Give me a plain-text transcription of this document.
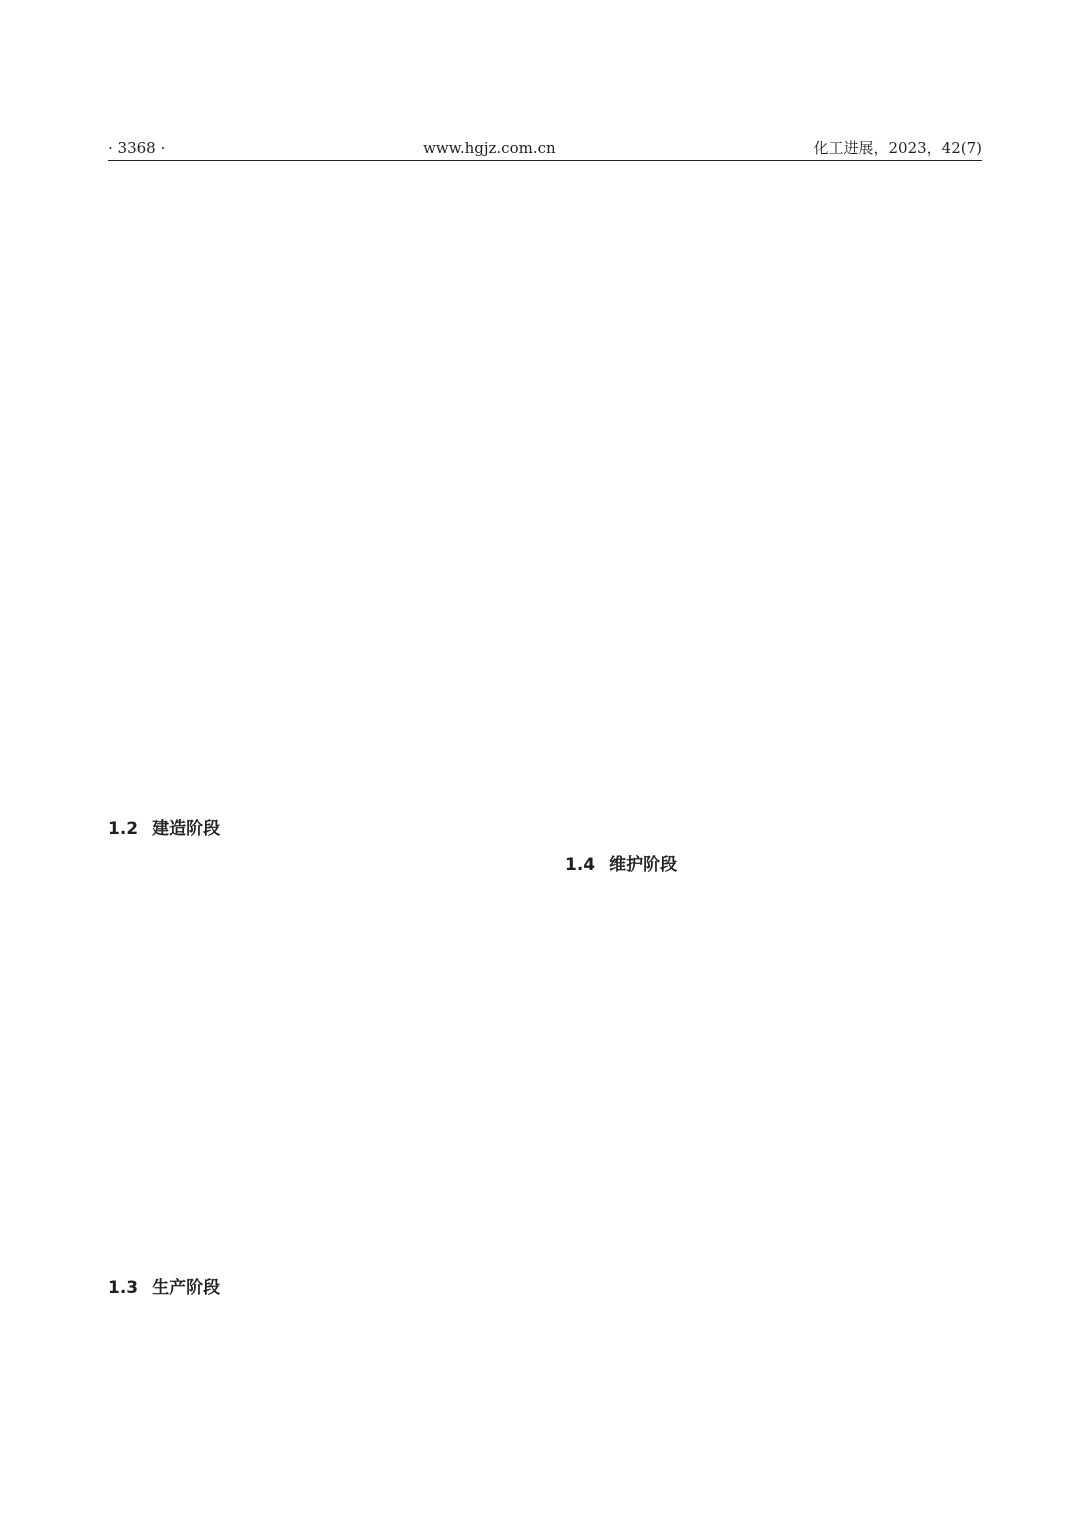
· 3368 ·	www.hgjz.com.cn	化工进展，2023，42(7)
1.2 建造阶段
1.3 生产阶段
1.4 维护阶段
